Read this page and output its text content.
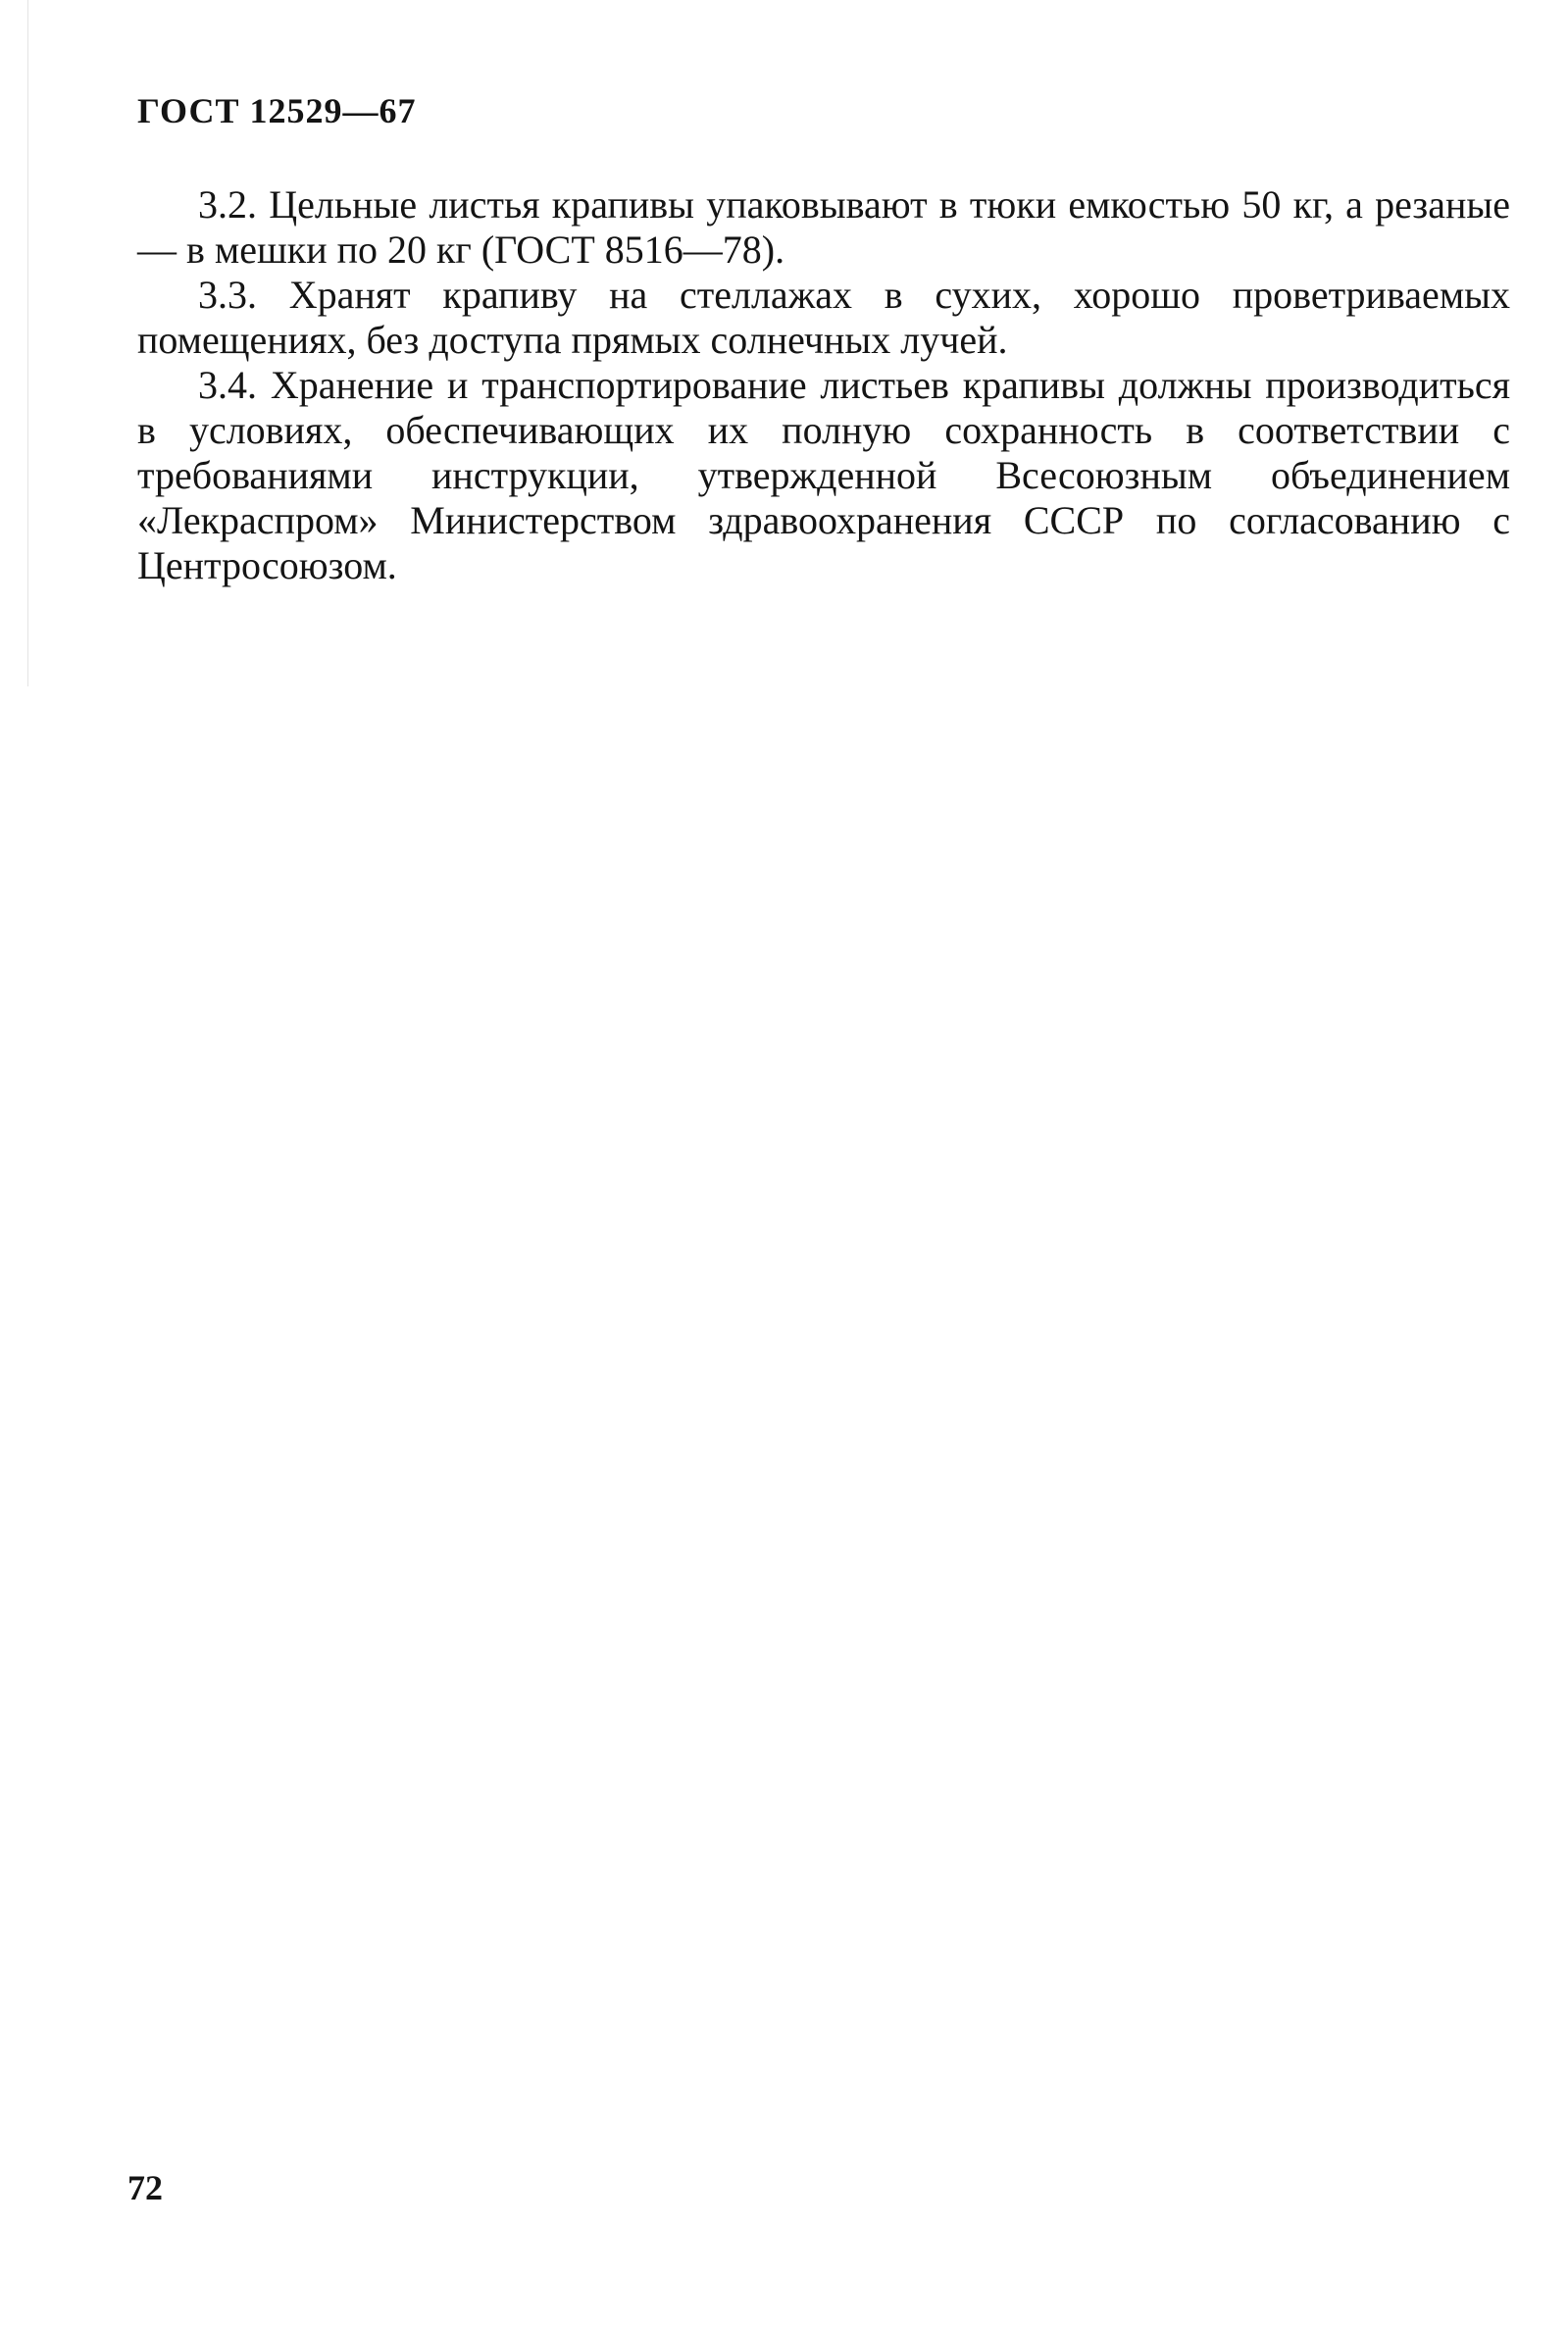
ГОСТ 12529—67

3.2. Цельные листья крапивы упаковывают в тюки емкостью 50 кг, а резаные — в мешки по 20 кг (ГОСТ 8516—78).

3.3. Хранят крапиву на стеллажах в сухих, хорошо проветриваемых помещениях, без доступа прямых солнечных лучей.

3.4. Хранение и транспортирование листьев крапивы должны производиться в условиях, обеспечивающих их полную сохранность в соответствии с требованиями инструкции, утвержденной Всесоюзным объединением «Лекраспром» Министерством здравоохранения СССР по согласованию с Центросоюзом.

72
